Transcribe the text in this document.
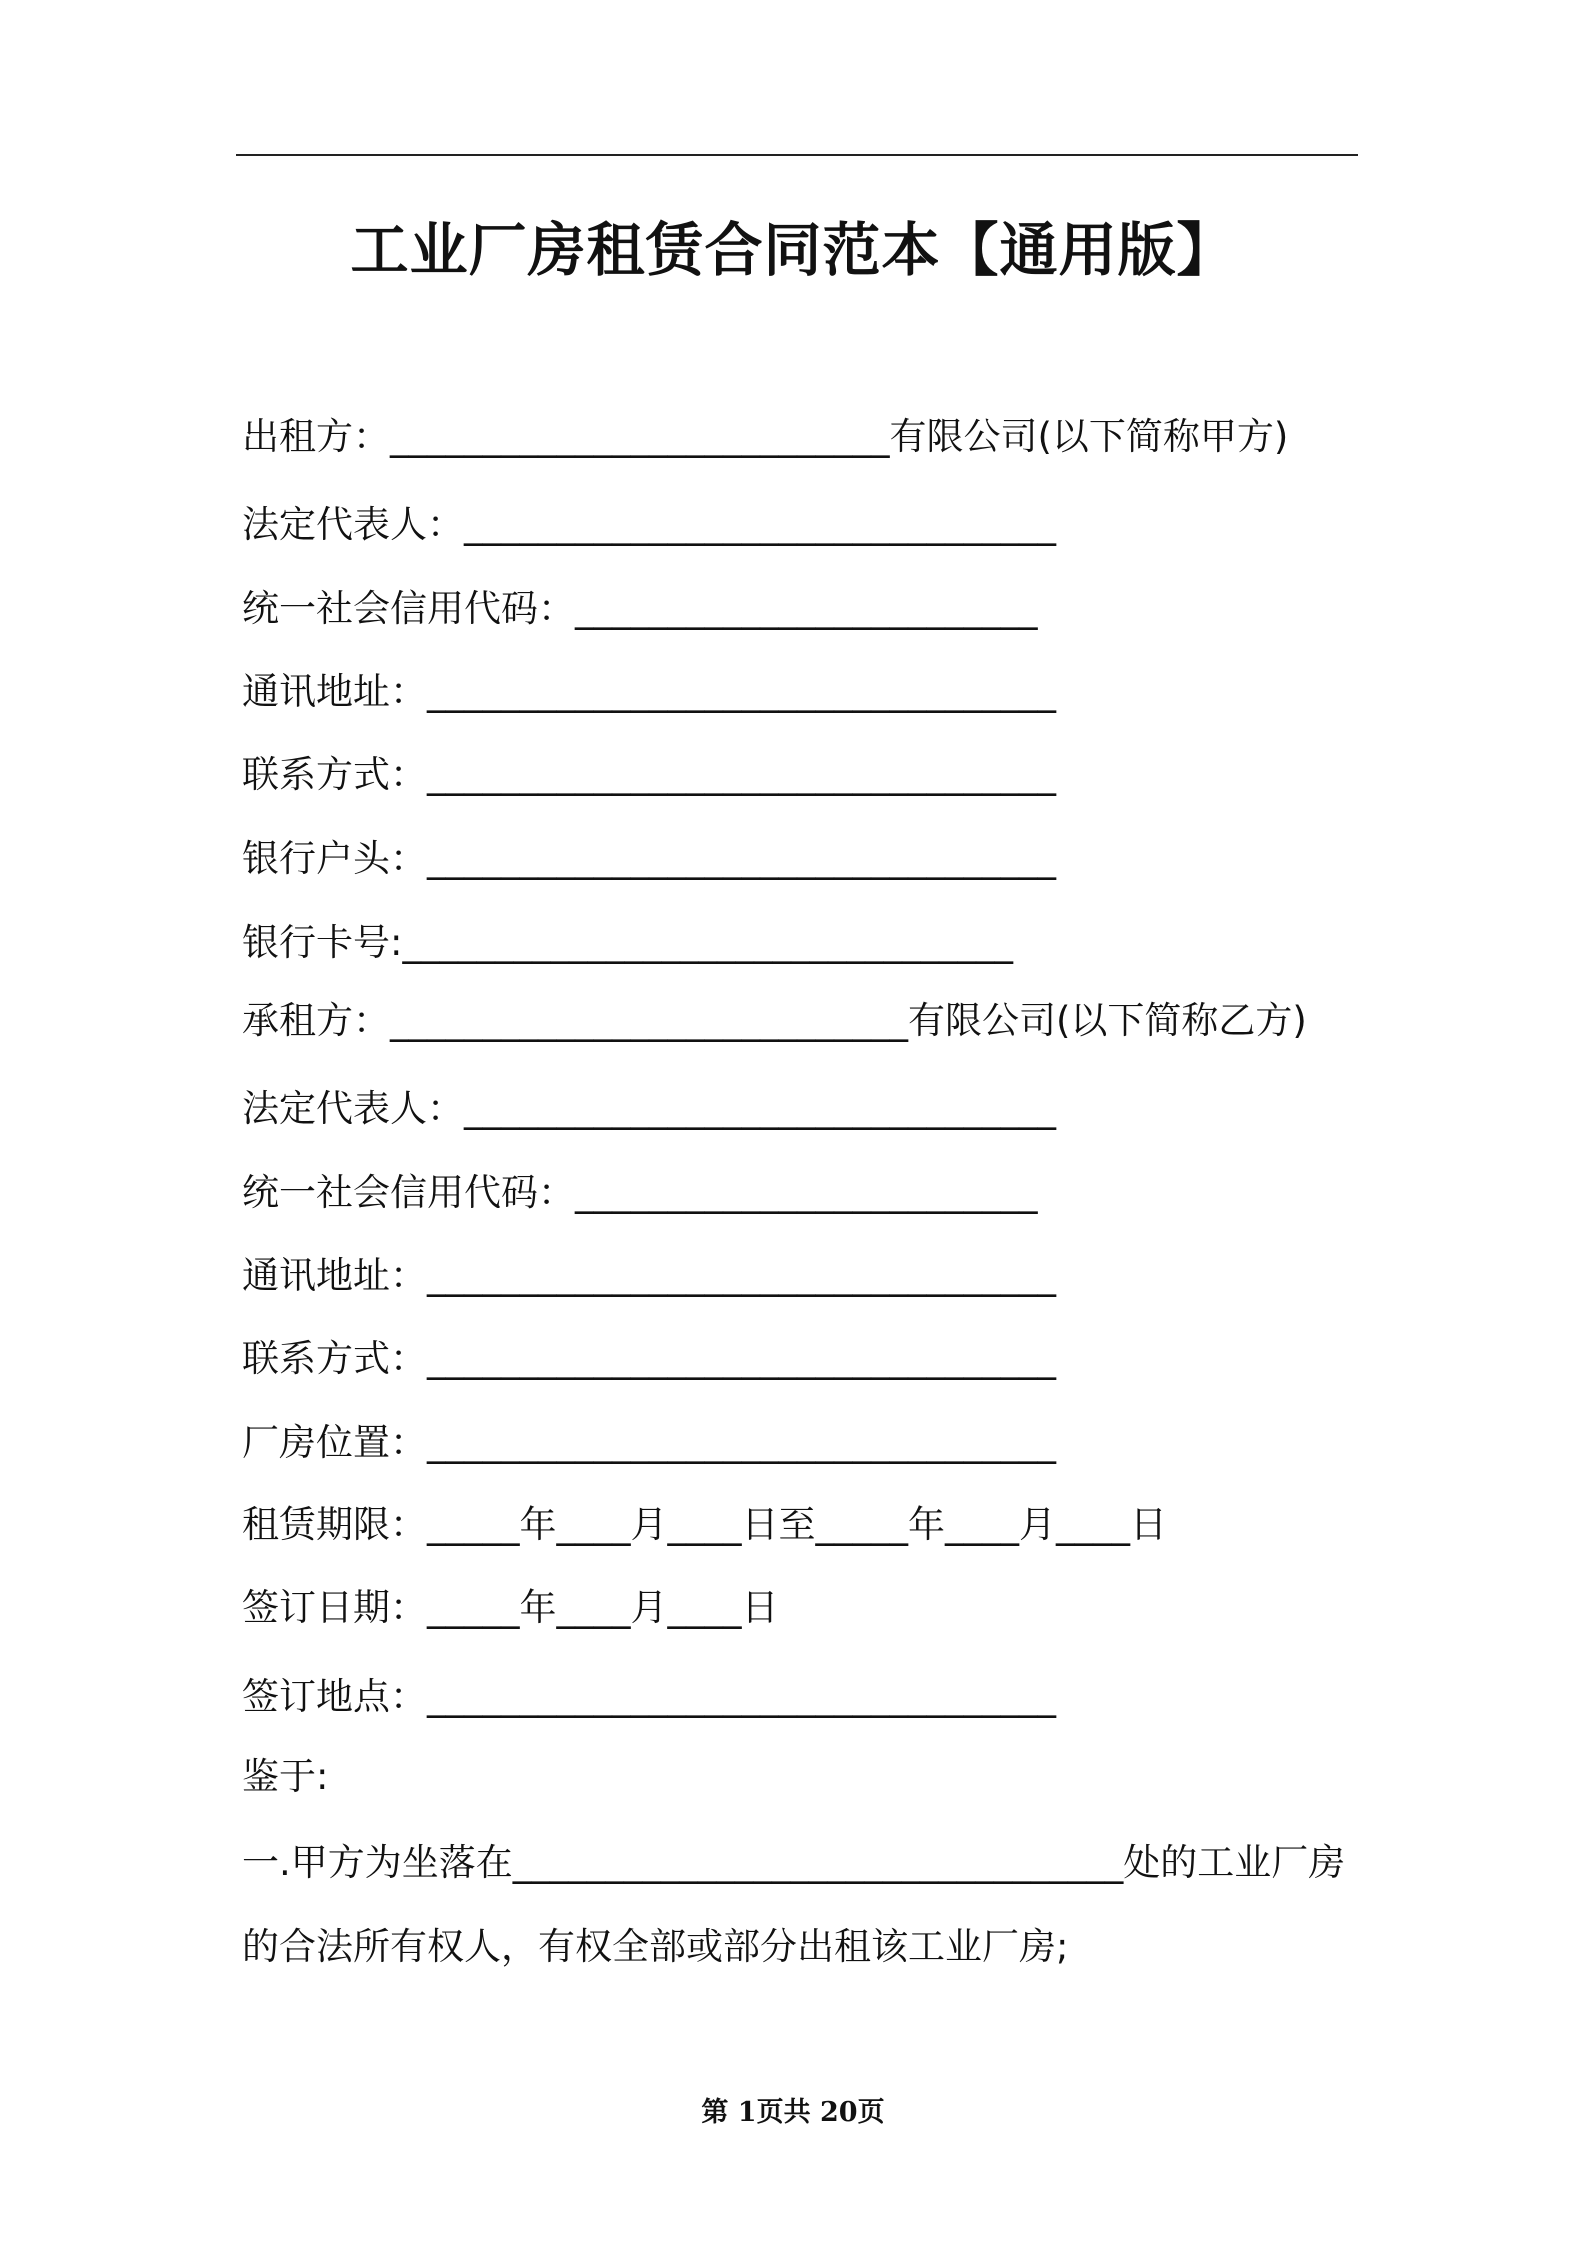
工业厂房租赁合同范本【通用版】
出租方：___________________________有限公司(以下简称甲方)
法定代表人：________________________________
统一社会信用代码：_________________________
通讯地址：__________________________________
联系方式：__________________________________
银行户头：__________________________________
银行卡号:_________________________________
承租方：____________________________有限公司(以下简称乙方)
法定代表人：________________________________
统一社会信用代码：_________________________
通讯地址：__________________________________
联系方式：__________________________________
厂房位置：__________________________________
租赁期限：_____年____月____日至_____年____月____日
签订日期：_____年____月____日
签订地点：__________________________________
鉴于:
一.甲方为坐落在_________________________________处的工业厂房
的合法所有权人，有权全部或部分出租该工业厂房;
第 1页共 20页
